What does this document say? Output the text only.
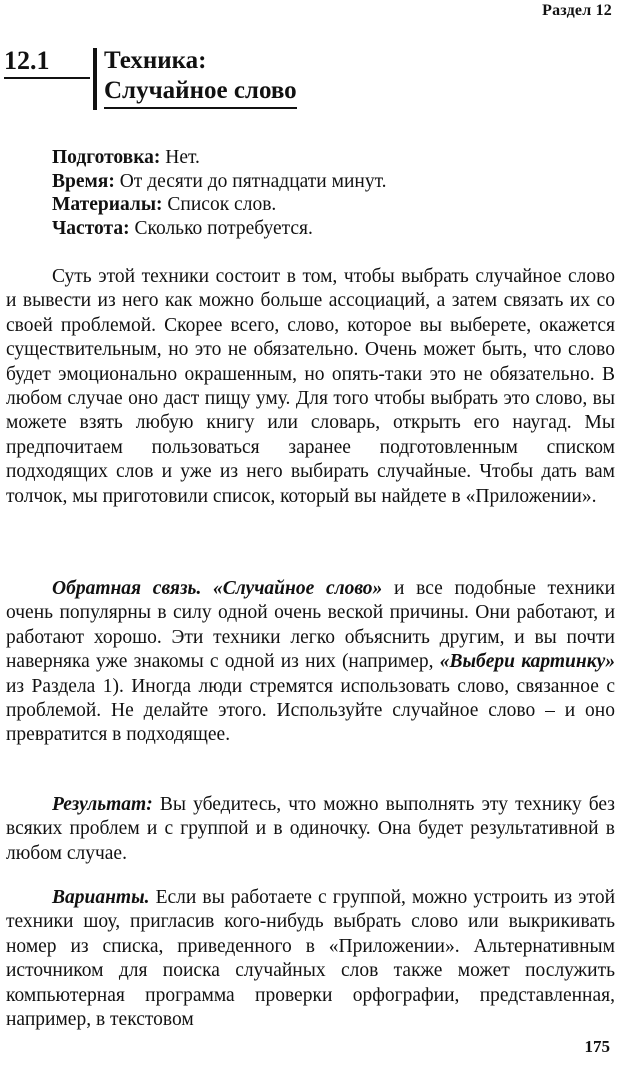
Раздел 12
12.1	Техника:
Случайное слово
Подготовка: Нет.
Время: От десяти до пятнадцати минут.
Материалы: Список слов.
Частота: Сколько потребуется.

Суть этой техники состоит в том, чтобы выбрать случайное слово и вывести из него как можно больше ассоциаций, а затем связать их со своей проблемой. Скорее всего, слово, которое вы выберете, окажется существительным, но это не обязательно. Очень может быть, что слово будет эмоционально окрашенным, но опять-таки это не обязательно. В любом случае оно даст пищу уму. Для того чтобы выбрать это слово, вы можете взять любую книгу или словарь, открыть его наугад. Мы предпочитаем пользоваться заранее подготовленным списком подходящих слов и уже из него выбирать случайные. Чтобы дать вам толчок, мы приготовили список, который вы найдете в «Приложении».

Обратная связь. «Случайное слово» и все подобные техники очень популярны в силу одной очень веской причины. Они работают, и работают хорошо. Эти техники легко объяснить другим, и вы почти наверняка уже знакомы с одной из них (например, «Выбери картинку» из Раздела 1). Иногда люди стремятся использовать слово, связанное с проблемой. Не делайте этого. Используйте случайное слово – и оно превратится в подходящее.

Результат: Вы убедитесь, что можно выполнять эту технику без всяких проблем и с группой и в одиночку. Она будет результативной в любом случае.

Варианты. Если вы работаете с группой, можно устроить из этой техники шоу, пригласив кого-нибудь выбрать слово или выкрикивать номер из списка, приведенного в «Приложении». Альтернативным источником для поиска случайных слов также может послужить компьютерная программа проверки орфографии, представленная, например, в текстовом

175
